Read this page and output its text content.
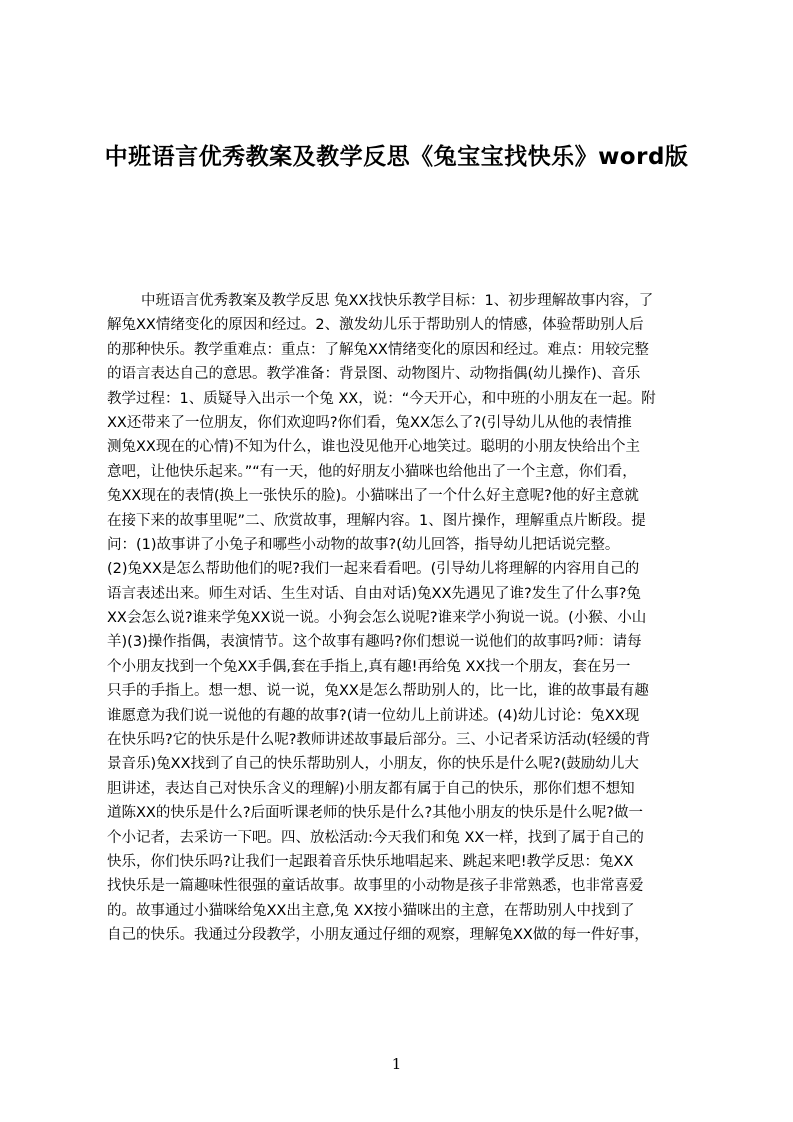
中班语言优秀教案及教学反思《兔宝宝找快乐》word版
中班语言优秀教案及教学反思 兔XX找快乐教学目标：1、初步理解故事内容，了
解兔XX情绪变化的原因和经过。2、激发幼儿乐于帮助别人的情感，体验帮助别人后
的那种快乐。教学重难点：重点：了解兔XX情绪变化的原因和经过。难点：用较完整
的语言表达自己的意思。教学准备：背景图、动物图片、动物指偶(幼儿操作)、音乐
教学过程：1、质疑导入出示一个兔 XX，说：“今天开心，和中班的小朋友在一起。附
XX还带来了一位朋友，你们欢迎吗?你们看，兔XX怎么了?(引导幼儿从他的表情推
测兔XX现在的心情)不知为什么，谁也没见他开心地笑过。聪明的小朋友快给出个主
意吧，让他快乐起来。”“有一天，他的好朋友小猫咪也给他出了一个主意，你们看，
兔XX现在的表情(换上一张快乐的脸)。小猫咪出了一个什么好主意呢?他的好主意就
在接下来的故事里呢”二、欣赏故事，理解内容。1、图片操作，理解重点片断段。提
问：(1)故事讲了小兔子和哪些小动物的故事?(幼儿回答，指导幼儿把话说完整。
(2)兔XX是怎么帮助他们的呢?我们一起来看看吧。(引导幼儿将理解的内容用自己的
语言表述出来。师生对话、生生对话、自由对话)兔XX先遇见了谁?发生了什么事?兔
XX会怎么说?谁来学兔XX说一说。小狗会怎么说呢?谁来学小狗说一说。(小猴、小山
羊)(3)操作指偶，表演情节。这个故事有趣吗?你们想说一说他们的故事吗?师：请每
个小朋友找到一个兔XX手偶,套在手指上,真有趣!再给兔 XX找一个朋友，套在另一
只手的手指上。想一想、说一说，兔XX是怎么帮助别人的，比一比，谁的故事最有趣
谁愿意为我们说一说他的有趣的故事?(请一位幼儿上前讲述。(4)幼儿讨论：兔XX现
在快乐吗?它的快乐是什么呢?教师讲述故事最后部分。三、小记者采访活动(轻缓的背
景音乐)兔XX找到了自己的快乐帮助别人，小朋友，你的快乐是什么呢?(鼓励幼儿大
胆讲述，表达自己对快乐含义的理解)小朋友都有属于自己的快乐，那你们想不想知
道陈XX的快乐是什么?后面听课老师的快乐是什么?其他小朋友的快乐是什么呢?做一
个小记者，去采访一下吧。四、放松活动:今天我们和兔 XX一样，找到了属于自己的
快乐，你们快乐吗?让我们一起跟着音乐快乐地唱起来、跳起来吧!教学反思：兔XX
找快乐是一篇趣味性很强的童话故事。故事里的小动物是孩子非常熟悉，也非常喜爱
的。故事通过小猫咪给兔XX出主意,兔 XX按小猫咪出的主意，在帮助别人中找到了
自己的快乐。我通过分段教学，小朋友通过仔细的观察，理解兔XX做的每一件好事，
1
